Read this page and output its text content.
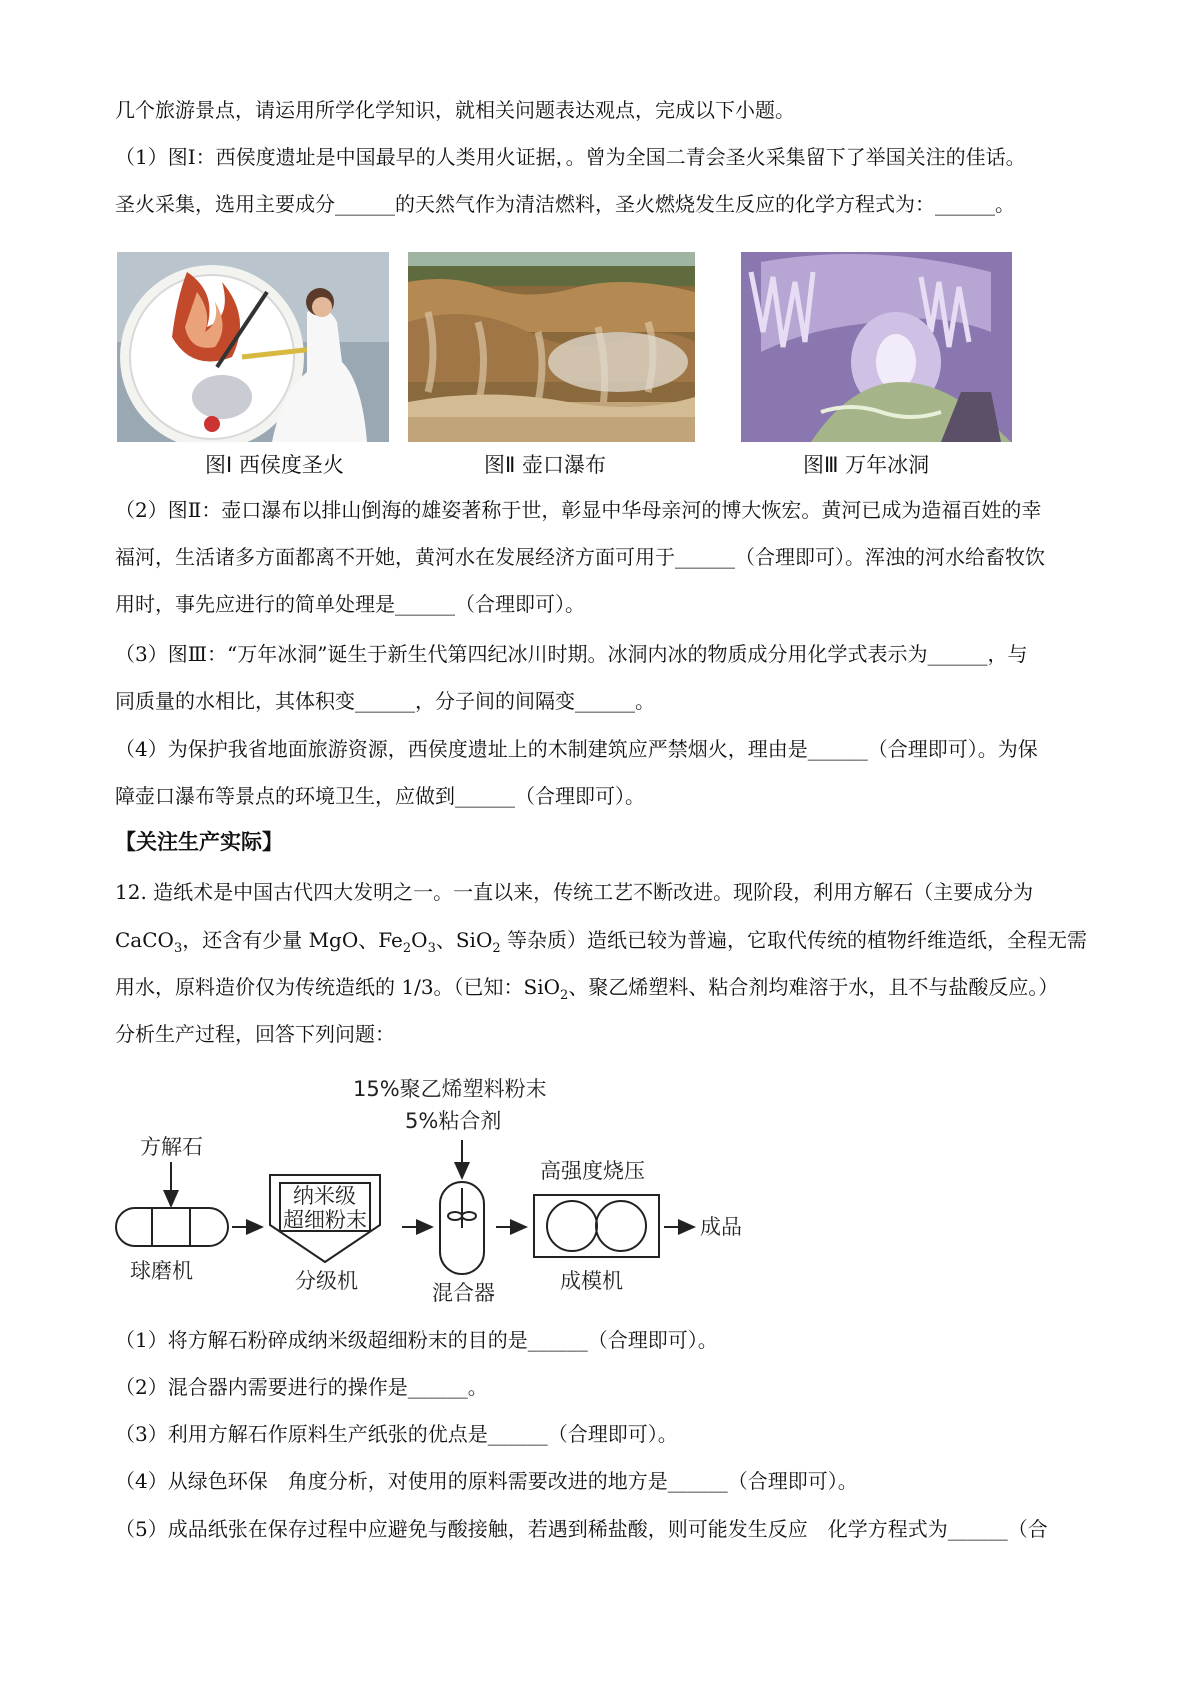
几个旅游景点，请运用所学化学知识，就相关问题表达观点，完成以下小题。
（1）图Ⅰ：西侯度遗址是中国最早的人类用火证据，。曾为全国二青会圣火采集留下了举国关注的佳话。
圣火采集，选用主要成分______的天然气作为清洁燃料，圣火燃烧发生反应的化学方程式为：______。
图Ⅰ 西侯度圣火	图Ⅱ 壶口瀑布	图Ⅲ 万年冰洞
（2）图Ⅱ：壶口瀑布以排山倒海的雄姿著称于世，彰显中华母亲河的博大恢宏。黄河已成为造福百姓的幸
福河，生活诸多方面都离不开她，黄河水在发展经济方面可用于______（合理即可）。浑浊的河水给畜牧饮
用时，事先应进行的简单处理是______（合理即可）。
（3）图Ⅲ：“万年冰洞”诞生于新生代第四纪冰川时期。冰洞内冰的物质成分用化学式表示为______，与
同质量的水相比，其体积变______，分子间的间隔变______。
（4）为保护我省地面旅游资源，西侯度遗址上的木制建筑应严禁烟火，理由是______（合理即可）。为保
障壶口瀑布等景点的环境卫生，应做到______（合理即可）。
【关注生产实际】
12. 造纸术是中国古代四大发明之一。一直以来，传统工艺不断改进。现阶段，利用方解石（主要成分为
CaCO$_3$，还含有少量 MgO、$Fe_2O_3$、SiO$_2$ 等杂质）造纸已较为普遍，它取代传统的植物纤维造纸，全程无需
用水，原料造价仅为传统造纸的 1/3。（已知：SiO$_2$、聚乙烯塑料、粘合剂均难溶于水，且不与盐酸反应。）
分析生产过程，回答下列问题：
15%聚乙烯塑料粉末
5%粘合剂
方解石
球磨机
纳米级
超细粉末
分级机	混合器
高强度烧压
成模机
成品
（1）将方解石粉碎成纳米级超细粉末的目的是______（合理即可）。
（2）混合器内需要进行的操作是______。
（3）利用方解石作原料生产纸张的优点是______（合理即可）。
（4）从绿色环保　角度分析，对使用的原料需要改进的地方是______（合理即可）。
（5）成品纸张在保存过程中应避免与酸接触，若遇到稀盐酸，则可能发生反应　化学方程式为______（合
